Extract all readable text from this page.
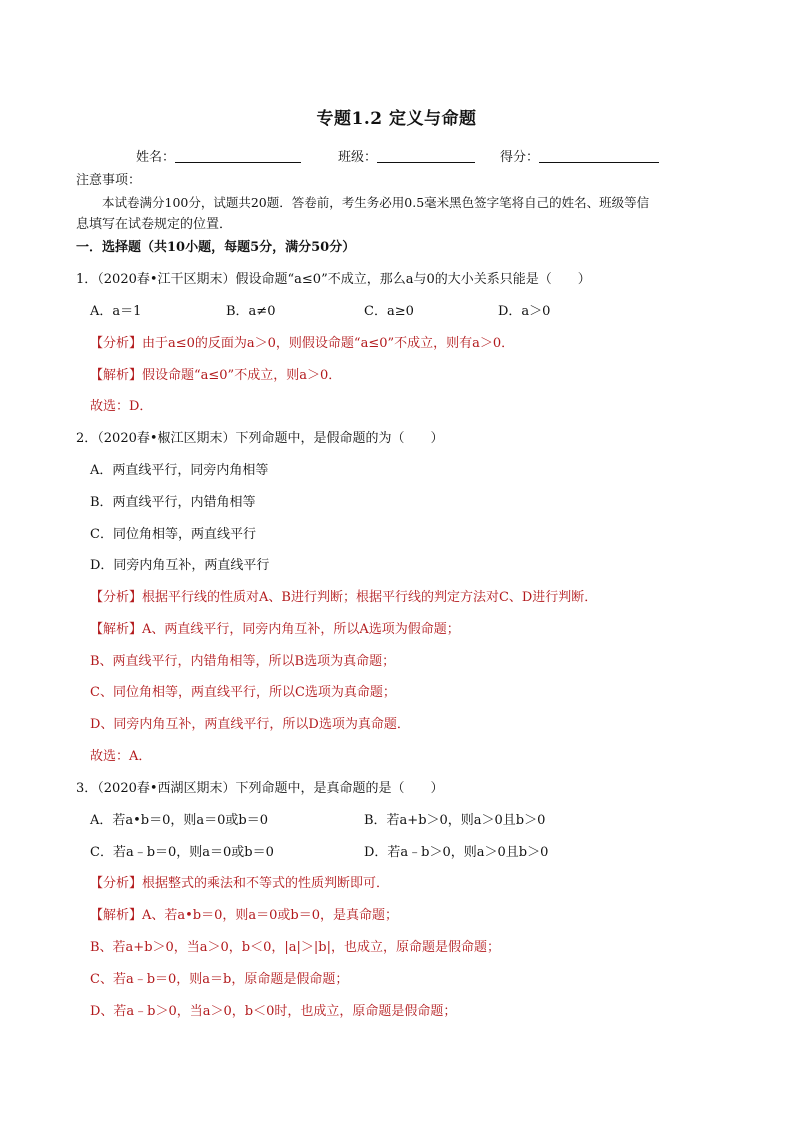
专题1.2 定义与命题
姓名：	班级：	得分：
注意事项：
本试卷满分100分，试题共20题．答卷前，考生务必用0.5毫米黑色签字笔将自己的姓名、班级等信
息填写在试卷规定的位置．
一．选择题（共10小题，每题5分，满分50分）
1．（2020春•江干区期末）假设命题“a≤0”不成立，那么a与0的大小关系只能是（　　）
A．a＝1	B．a≠0	C．a≥0	D．a＞0
【分析】由于a≤0的反面为a＞0，则假设命题“a≤0”不成立，则有a＞0．
【解析】假设命题“a≤0”不成立，则a＞0．
故选：D．
2．（2020春•椒江区期末）下列命题中，是假命题的为（　　）
A．两直线平行，同旁内角相等
B．两直线平行，内错角相等
C．同位角相等，两直线平行
D．同旁内角互补，两直线平行
【分析】根据平行线的性质对A、B进行判断；根据平行线的判定方法对C、D进行判断．
【解析】A、两直线平行，同旁内角互补，所以A选项为假命题；
B、两直线平行，内错角相等，所以B选项为真命题；
C、同位角相等，两直线平行，所以C选项为真命题；
D、同旁内角互补，两直线平行，所以D选项为真命题．
故选：A．
3．（2020春•西湖区期末）下列命题中，是真命题的是（　　）
A．若a•b＝0，则a＝0或b＝0	B．若a+b＞0，则a＞0且b＞0
C．若a﹣b＝0，则a＝0或b＝0	D．若a﹣b＞0，则a＞0且b＞0
【分析】根据整式的乘法和不等式的性质判断即可．
【解析】A、若a•b＝0，则a＝0或b＝0，是真命题；
B、若a+b＞0，当a＞0，b＜0，|a|＞|b|，也成立，原命题是假命题；
C、若a﹣b＝0，则a＝b，原命题是假命题；
D、若a﹣b＞0，当a＞0，b＜0时，也成立，原命题是假命题；
